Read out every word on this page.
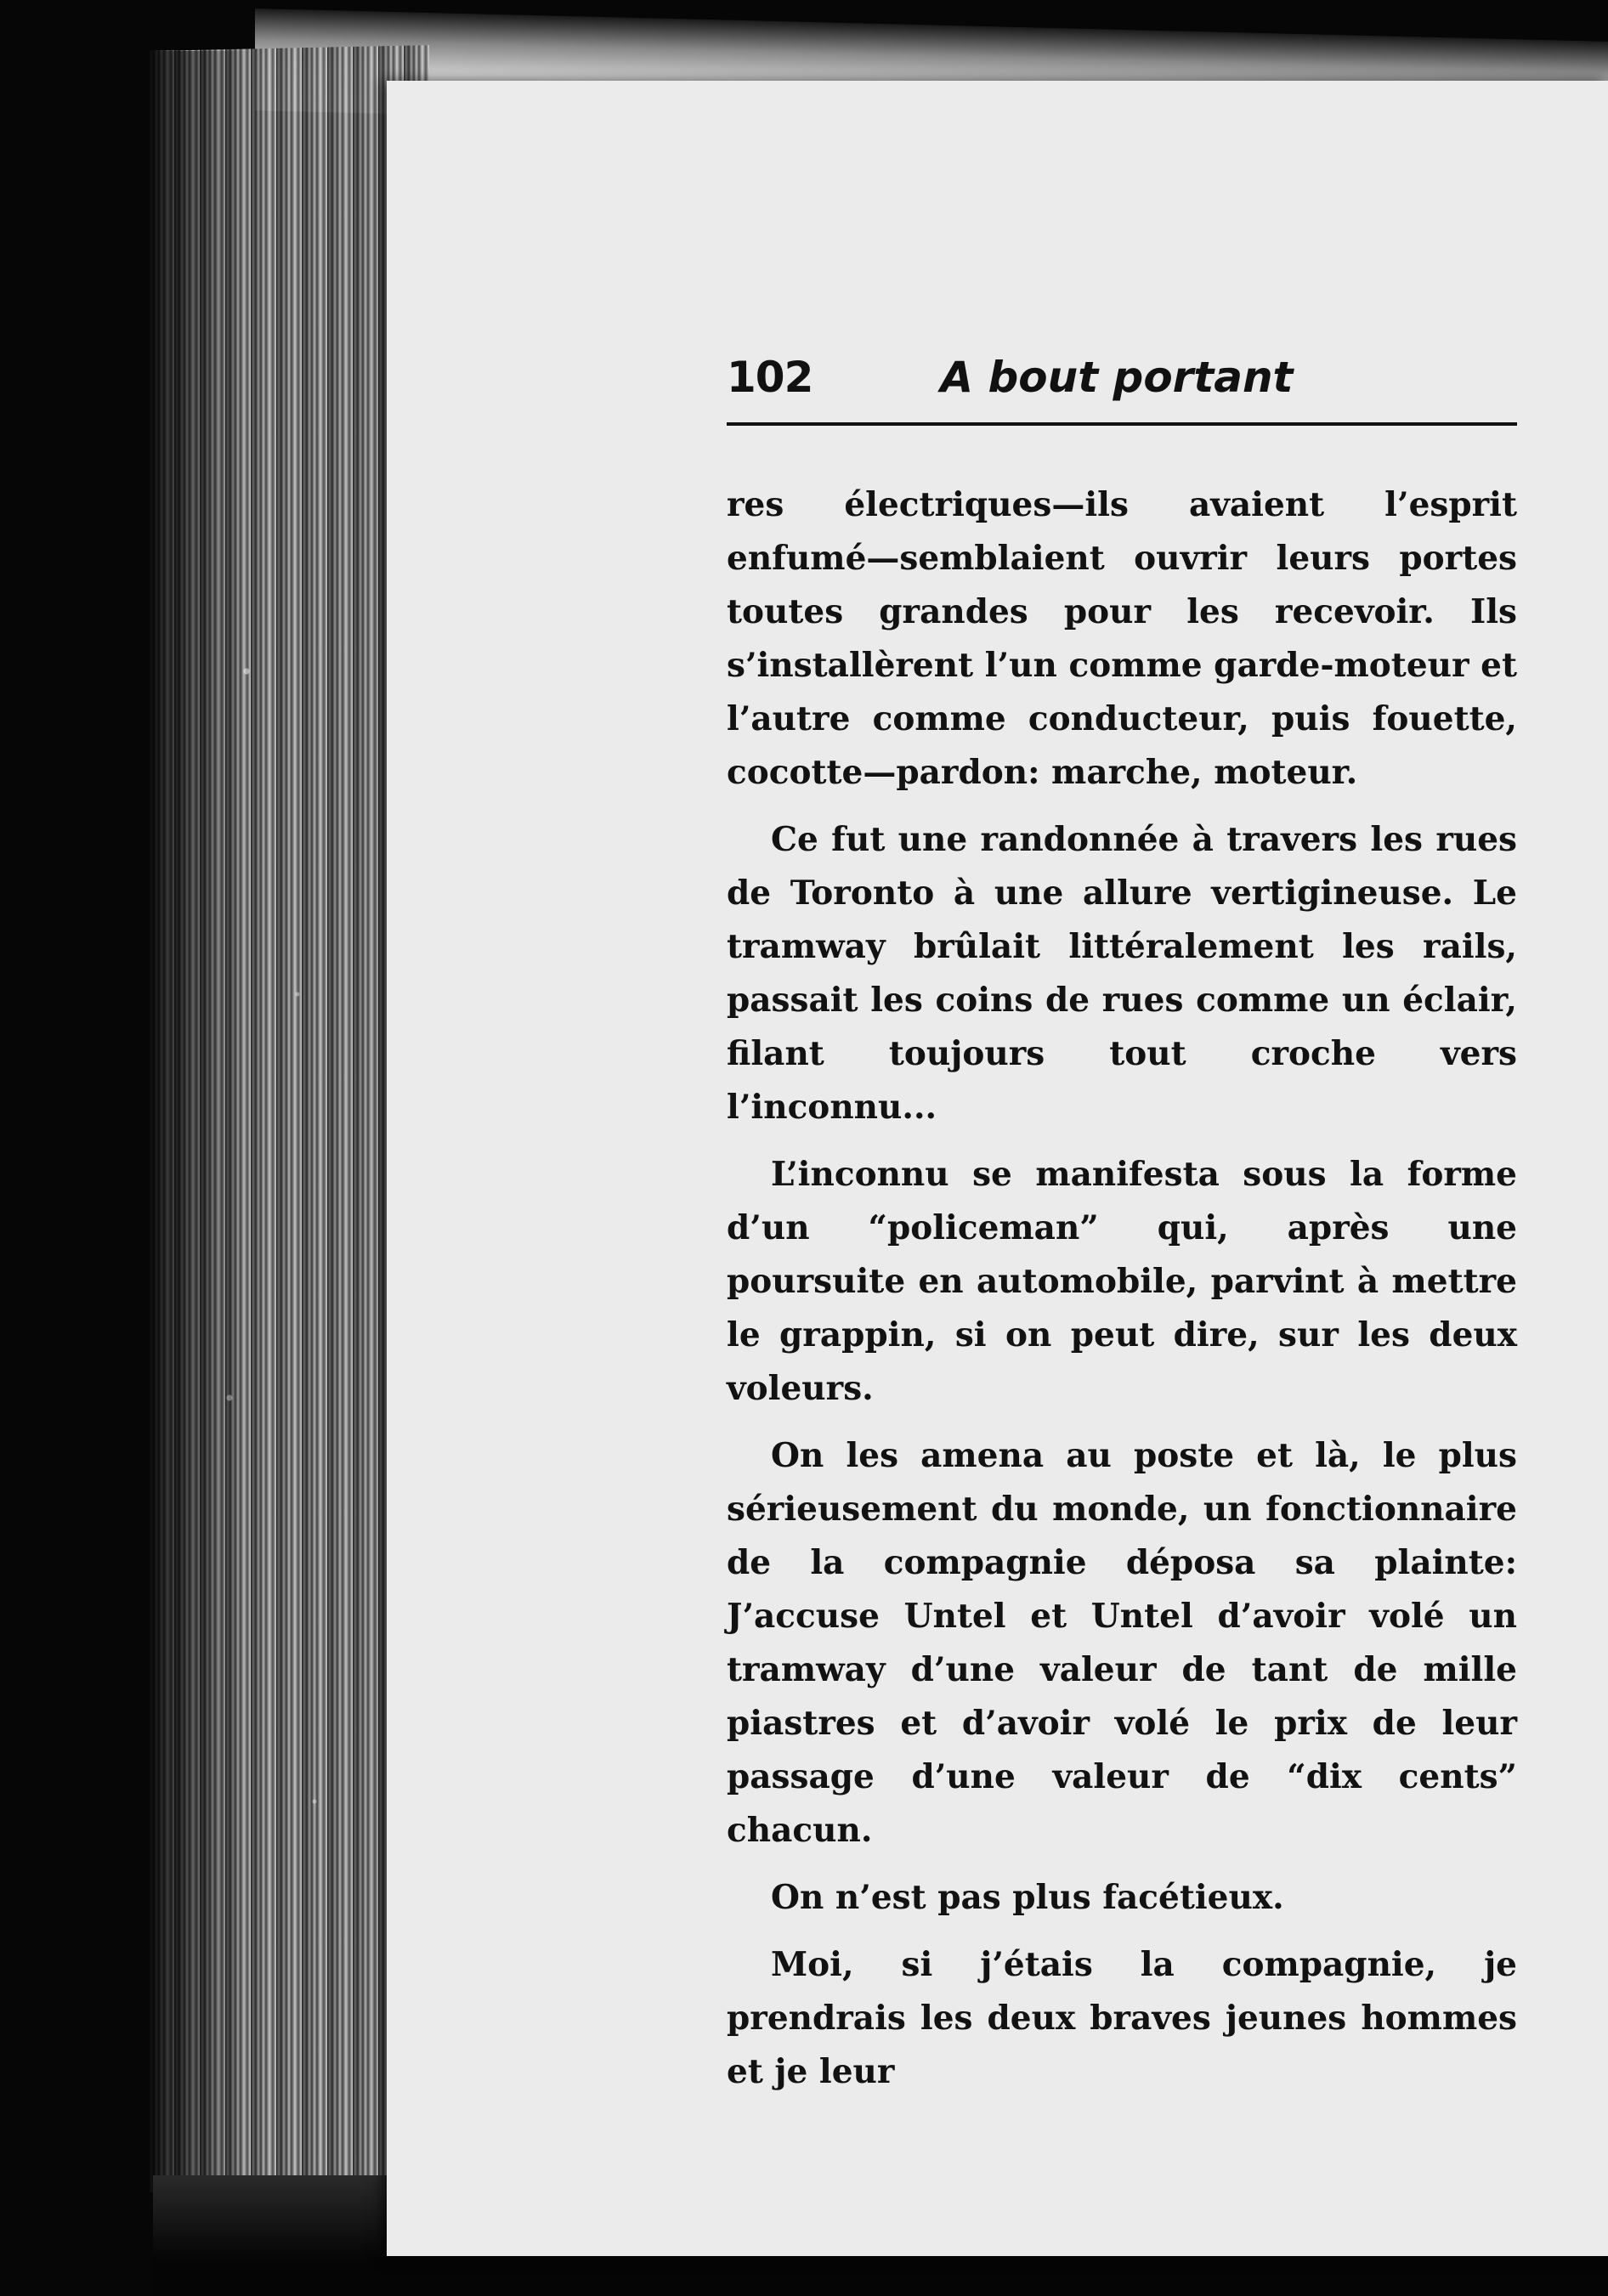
102	A bout portant

res électriques—ils avaient l’esprit enfumé—semblaient ouvrir leurs portes toutes grandes pour les recevoir. Ils s’installèrent l’un comme garde-moteur et l’autre comme conducteur, puis fouette, cocotte—pardon: marche, moteur.

Ce fut une randonnée à travers les rues de Toronto à une allure vertigineuse. Le tramway brûlait littéralement les rails, passait les coins de rues comme un éclair, filant toujours tout croche vers l’inconnu...

L’inconnu se manifesta sous la forme d’un “policeman” qui, après une poursuite en automobile, parvint à mettre le grappin, si on peut dire, sur les deux voleurs.

On les amena au poste et là, le plus sérieusement du monde, un fonctionnaire de la compagnie déposa sa plainte: J’accuse Untel et Untel d’avoir volé un tramway d’une valeur de tant de mille piastres et d’avoir volé le prix de leur passage d’une valeur de “dix cents” chacun.

On n’est pas plus facétieux.

Moi, si j’étais la compagnie, je prendrais les deux braves jeunes hommes et je leur
